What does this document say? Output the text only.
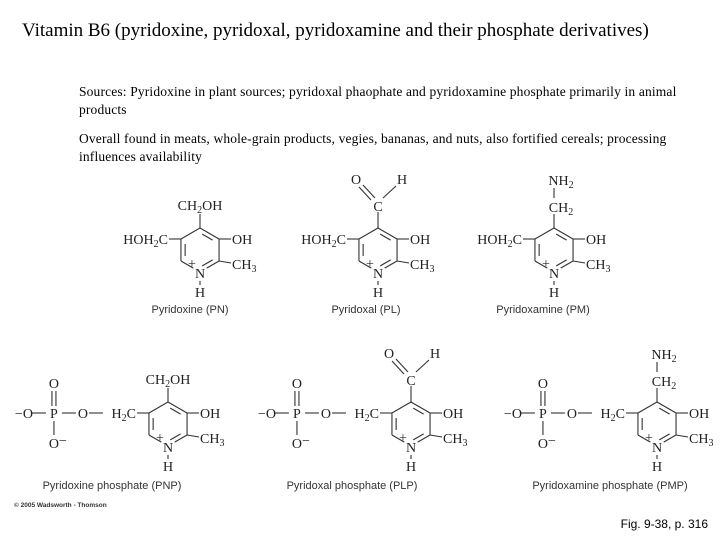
Vitamin B6 (pyridoxine, pyridoxal, pyridoxamine and their phosphate derivatives)
Sources: Pyridoxine in plant sources; pyridoxal phaophate and pyridoxamine phosphate primarily in animal products
Overall found in meats, whole-grain products, vegies, bananas, and nuts, also fortified cereals; processing influences availability
N
+
H
$HOH_2C$	OH
$CH_3$
$CH_2OH$
N
+
H
$HOH_2C$	OH
$CH_3$
C
O	H
N
+
H
$HOH_2C$	OH
$CH_3$
$CH_2$
$NH_2$
N
+
H
$H_2C$
O
P
−O
O
O−
OH
$CH_3$
$CH_2OH$
N
+
H
$H_2C$
O
P
−O
O
O−
OH
$CH_3$
C
O	H
N
+
H
$H_2C$
O
P
−O
O
O−
OH
$CH_3$
$CH_2$
$NH_2$
Pyridoxine (PN)	Pyridoxal (PL)	Pyridoxamine (PM)
Pyridoxine phosphate (PNP)	Pyridoxal phosphate (PLP)	Pyridoxamine phosphate (PMP)
© 2005 Wadsworth - Thomson
Fig. 9-38, p. 316
